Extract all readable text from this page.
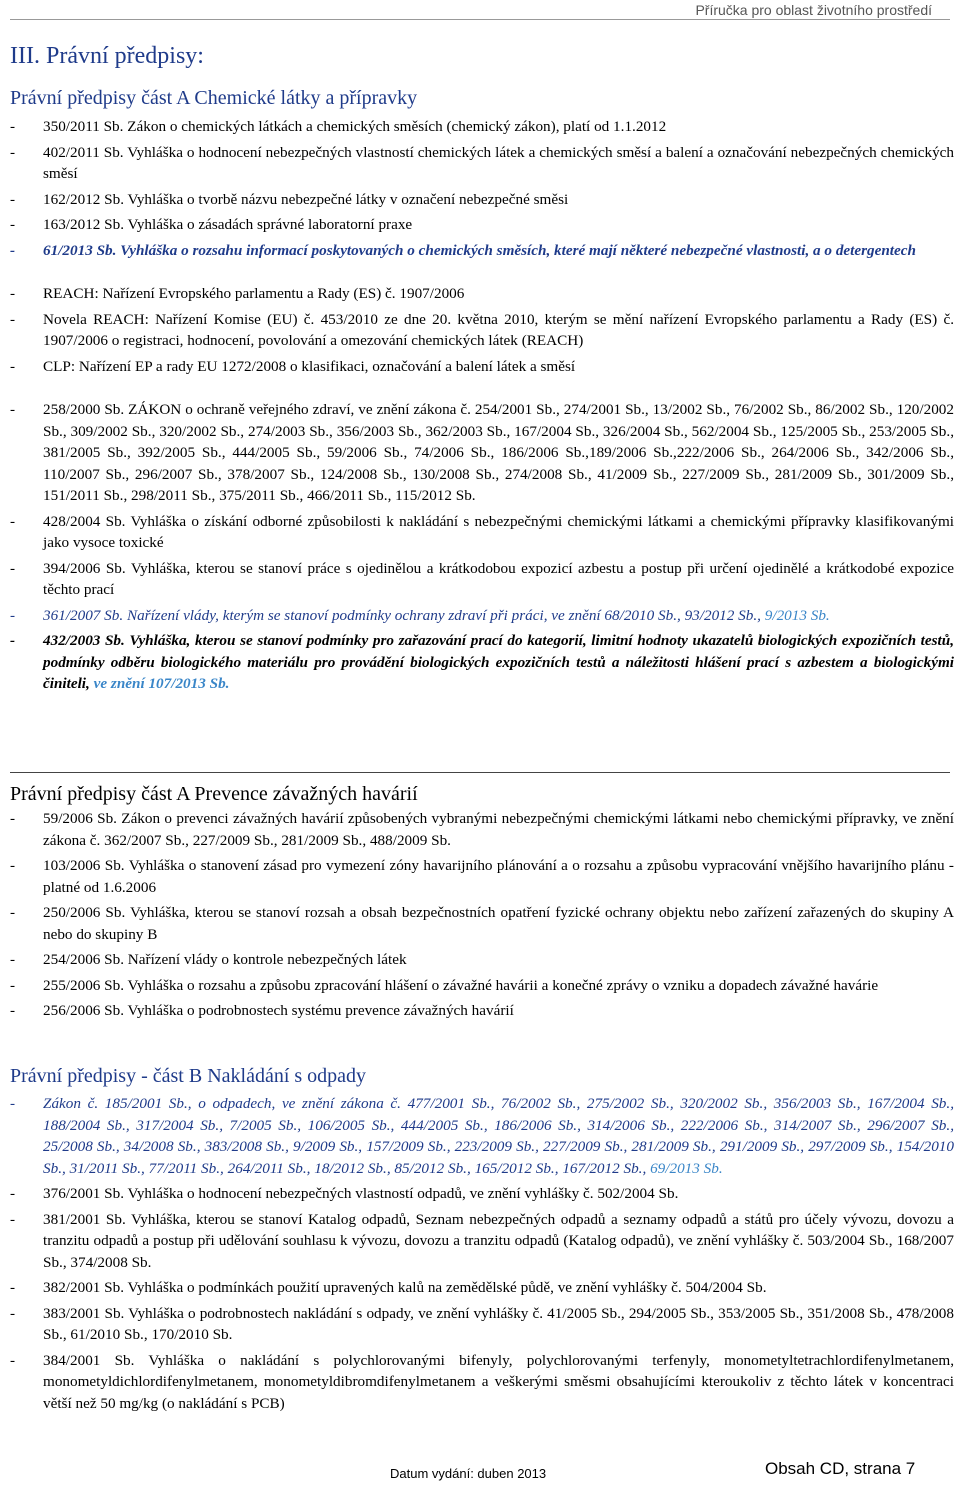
Příručka pro oblast životního prostředí
III. Právní předpisy:
Právní předpisy část A Chemické látky a přípravky
- 350/2011 Sb. Zákon o chemických látkách a chemických směsích (chemický zákon), platí od 1.1.2012
- 402/2011 Sb. Vyhláška o hodnocení nebezpečných vlastností chemických látek a chemických směsí a balení a označování nebezpečných chemických směsí
- 162/2012 Sb. Vyhláška o tvorbě názvu nebezpečné látky v označení nebezpečné směsi
- 163/2012 Sb. Vyhláška o zásadách správné laboratorní praxe
- 61/2013 Sb. Vyhláška o rozsahu informací poskytovaných o chemických směsích, které mají některé nebezpečné vlastnosti, a o detergentech
- REACH: Nařízení Evropského parlamentu a Rady (ES) č. 1907/2006
- Novela REACH: Nařízení Komise (EU) č. 453/2010 ze dne 20. května 2010, kterým se mění nařízení Evropského parlamentu a Rady (ES) č. 1907/2006 o registraci, hodnocení, povolování a omezování chemických látek (REACH)
- CLP: Nařízení EP a rady EU 1272/2008 o klasifikaci, označování a balení látek a směsí
- 258/2000 Sb. ZÁKON o ochraně veřejného zdraví, ve znění zákona č. 254/2001 Sb., 274/2001 Sb., 13/2002 Sb., 76/2002 Sb., 86/2002 Sb., 120/2002 Sb., 309/2002 Sb., 320/2002 Sb., 274/2003 Sb., 356/2003 Sb., 362/2003 Sb., 167/2004 Sb., 326/2004 Sb., 562/2004 Sb., 125/2005 Sb., 253/2005 Sb., 381/2005 Sb., 392/2005 Sb., 444/2005 Sb., 59/2006 Sb., 74/2006 Sb., 186/2006 Sb.,189/2006 Sb.,222/2006 Sb., 264/2006 Sb., 342/2006 Sb., 110/2007 Sb., 296/2007 Sb., 378/2007 Sb., 124/2008 Sb., 130/2008 Sb., 274/2008 Sb., 41/2009 Sb., 227/2009 Sb., 281/2009 Sb., 301/2009 Sb., 151/2011 Sb., 298/2011 Sb., 375/2011 Sb., 466/2011 Sb., 115/2012 Sb.
- 428/2004 Sb. Vyhláška o získání odborné způsobilosti k nakládání s nebezpečnými chemickými látkami a chemickými přípravky klasifikovanými jako vysoce toxické
- 394/2006 Sb. Vyhláška, kterou se stanoví práce s ojedinělou a krátkodobou expozicí azbestu a postup při určení ojedinělé a krátkodobé expozice těchto prací
- 361/2007 Sb. Nařízení vlády, kterým se stanoví podmínky ochrany zdraví při práci, ve znění 68/2010 Sb., 93/2012 Sb., 9/2013 Sb.
- 432/2003 Sb. Vyhláška, kterou se stanoví podmínky pro zařazování prací do kategorií, limitní hodnoty ukazatelů biologických expozičních testů, podmínky odběru biologického materiálu pro provádění biologických expozičních testů a náležitosti hlášení prací s azbestem a biologickými činiteli, ve znění 107/2013 Sb.
Právní předpisy část A Prevence závažných havárií
- 59/2006 Sb. Zákon o prevenci závažných havárií způsobených vybranými nebezpečnými chemickými látkami nebo chemickými přípravky, ve znění zákona č. 362/2007 Sb., 227/2009 Sb., 281/2009 Sb., 488/2009 Sb.
- 103/2006 Sb. Vyhláška o stanovení zásad pro vymezení zóny havarijního plánování a o rozsahu a způsobu vypracování vnějšího havarijního plánu - platné od 1.6.2006
- 250/2006 Sb. Vyhláška, kterou se stanoví rozsah a obsah bezpečnostních opatření fyzické ochrany objektu nebo zařízení zařazených do skupiny A nebo do skupiny B
- 254/2006 Sb. Nařízení vlády o kontrole nebezpečných látek
- 255/2006 Sb. Vyhláška o rozsahu a způsobu zpracování hlášení o závažné havárii a konečné zprávy o vzniku a dopadech závažné havárie
- 256/2006 Sb. Vyhláška o podrobnostech systému prevence závažných havárií
Právní předpisy - část B Nakládání s odpady
- Zákon č. 185/2001 Sb., o odpadech, ve znění zákona č. 477/2001 Sb., 76/2002 Sb., 275/2002 Sb., 320/2002 Sb., 356/2003 Sb., 167/2004 Sb., 188/2004 Sb., 317/2004 Sb., 7/2005 Sb., 106/2005 Sb., 444/2005 Sb., 186/2006 Sb., 314/2006 Sb., 222/2006 Sb., 314/2007 Sb., 296/2007 Sb., 25/2008 Sb., 34/2008 Sb., 383/2008 Sb., 9/2009 Sb., 157/2009 Sb., 223/2009 Sb., 227/2009 Sb., 281/2009 Sb., 291/2009 Sb., 297/2009 Sb., 154/2010 Sb., 31/2011 Sb., 77/2011 Sb., 264/2011 Sb., 18/2012 Sb., 85/2012 Sb., 165/2012 Sb., 167/2012 Sb., 69/2013 Sb.
- 376/2001 Sb. Vyhláška o hodnocení nebezpečných vlastností odpadů, ve znění vyhlášky č. 502/2004 Sb.
- 381/2001 Sb. Vyhláška, kterou se stanoví Katalog odpadů, Seznam nebezpečných odpadů a seznamy odpadů a států pro účely vývozu, dovozu a tranzitu odpadů a postup při udělování souhlasu k vývozu, dovozu a tranzitu odpadů (Katalog odpadů), ve znění vyhlášky č. 503/2004 Sb., 168/2007 Sb., 374/2008 Sb.
- 382/2001 Sb. Vyhláška o podmínkách použití upravených kalů na zemědělské půdě, ve znění vyhlášky č. 504/2004 Sb.
- 383/2001 Sb. Vyhláška o podrobnostech nakládání s odpady, ve znění vyhlášky č. 41/2005 Sb., 294/2005 Sb., 353/2005 Sb., 351/2008 Sb., 478/2008 Sb., 61/2010 Sb., 170/2010 Sb.
- 384/2001 Sb. Vyhláška o nakládání s polychlorovanými bifenyly, polychlorovanými terfenyly, monometyltetrachlordifenylmetanem, monometyldichlordifenylmetanem, monometyldibromdifenylmetanem a veškerými směsmi obsahujícími kteroukoliv z těchto látek v koncentraci větší než 50 mg/kg (o nakládání s PCB)
Datum vydání: duben 2013	Obsah CD, strana 7
